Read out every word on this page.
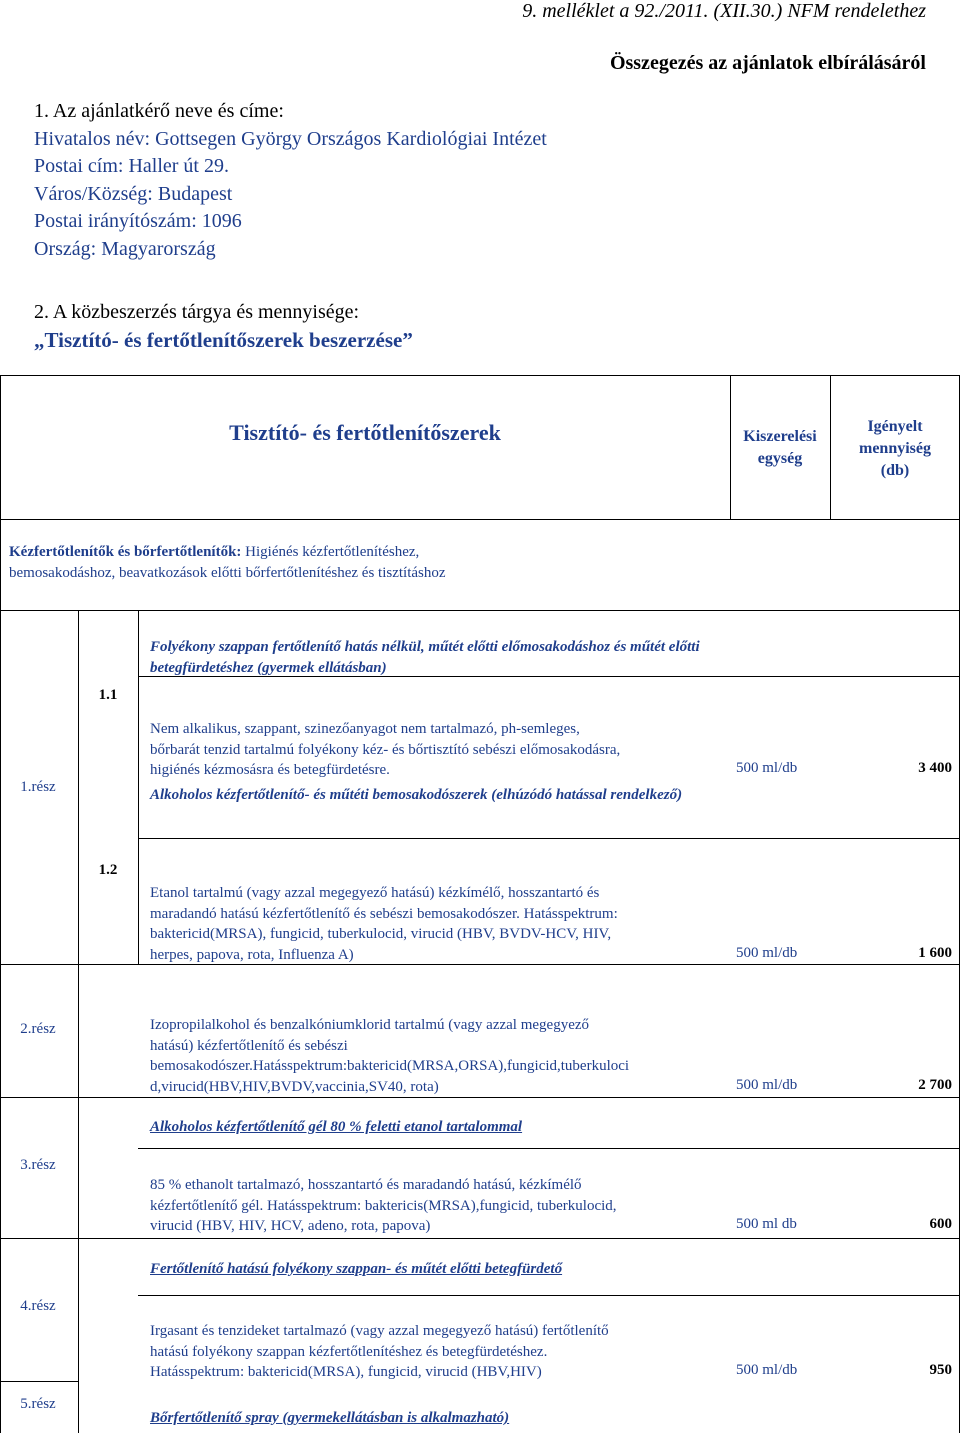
9. melléklet a 92./2011. (XII.30.) NFM rendelethez
Összegezés az ajánlatok elbírálásáról
1. Az ajánlatkérő neve és címe:
Hivatalos név: Gottsegen György Országos Kardiológiai Intézet
Postai cím: Haller út 29.
Város/Község: Budapest
Postai irányítószám: 1096
Ország: Magyarország
2. A közbeszerzés tárgya és mennyisége:
„Tisztító- és fertőtlenítőszerek beszerzése”
Tisztító- és fertőtlenítőszerek	Kiszerelési
egység
Igényelt
mennyiség
(db)
Kézfertőtlenítők és bőrfertőtlenítők: Higiénés kézfertőtlenítéshez,
bemosakodáshoz, beavatkozások előtti bőrfertőtlenítéshez és tisztításhoz
1.rész
1.1
Folyékony szappan fertőtlenítő hatás nélkül, műtét előtti előmosakodáshoz és műtét előtti betegfürdetéshez (gyermek ellátásban)
Nem alkalikus, szappant, szinezőanyagot nem tartalmazó, ph-semleges,
bőrbarát tenzid tartalmú folyékony kéz- és bőrtisztító sebészi előmosakodásra,
higiénés kézmosásra és betegfürdetésre.	500 ml/db	3 400
Alkoholos kézfertőtlenítő- és műtéti bemosakodószerek (elhúzódó hatással rendelkező)
1.2
Etanol tartalmú (vagy azzal megegyező hatású) kézkímélő, hosszantartó és
maradandó hatású kézfertőtlenítő és sebészi bemosakodószer. Hatásspektrum:
baktericid(MRSA), fungicid, tuberkulocid, virucid (HBV, BVDV-HCV, HIV,
herpes, papova, rota, Influenza A)	500 ml/db	1 600
2.rész	Izopropilalkohol és benzalkóniumklorid tartalmú (vagy azzal megegyező
hatású) kézfertőtlenítő és sebészi
bemosakodószer.Hatásspektrum:baktericid(MRSA,ORSA),fungicid,tuberkuloci
d,virucid(HBV,HIV,BVDV,vaccinia,SV40, rota)	500 ml/db	2 700
3.rész
Alkoholos kézfertőtlenítő gél 80 % feletti etanol tartalommal
85 % ethanolt tartalmazó, hosszantartó és maradandó hatású, kézkímélő
kézfertőtlenítő gél. Hatásspektrum: baktericis(MRSA),fungicid, tuberkulocid,
virucid (HBV, HIV, HCV, adeno, rota, papova)	500 ml db	600
4.rész
Fertőtlenítő hatású folyékony szappan- és műtét előtti betegfürdető
Irgasant és tenzideket tartalmazó (vagy azzal megegyező hatású) fertőtlenítő
hatású folyékony szappan kézfertőtlenítéshez és betegfürdetéshez.
Hatásspektrum: baktericid(MRSA), fungicid, virucid (HBV,HIV)	500 ml/db	950
5.rész
Bőrfertőtlenítő spray (gyermekellátásban is alkalmazható)
